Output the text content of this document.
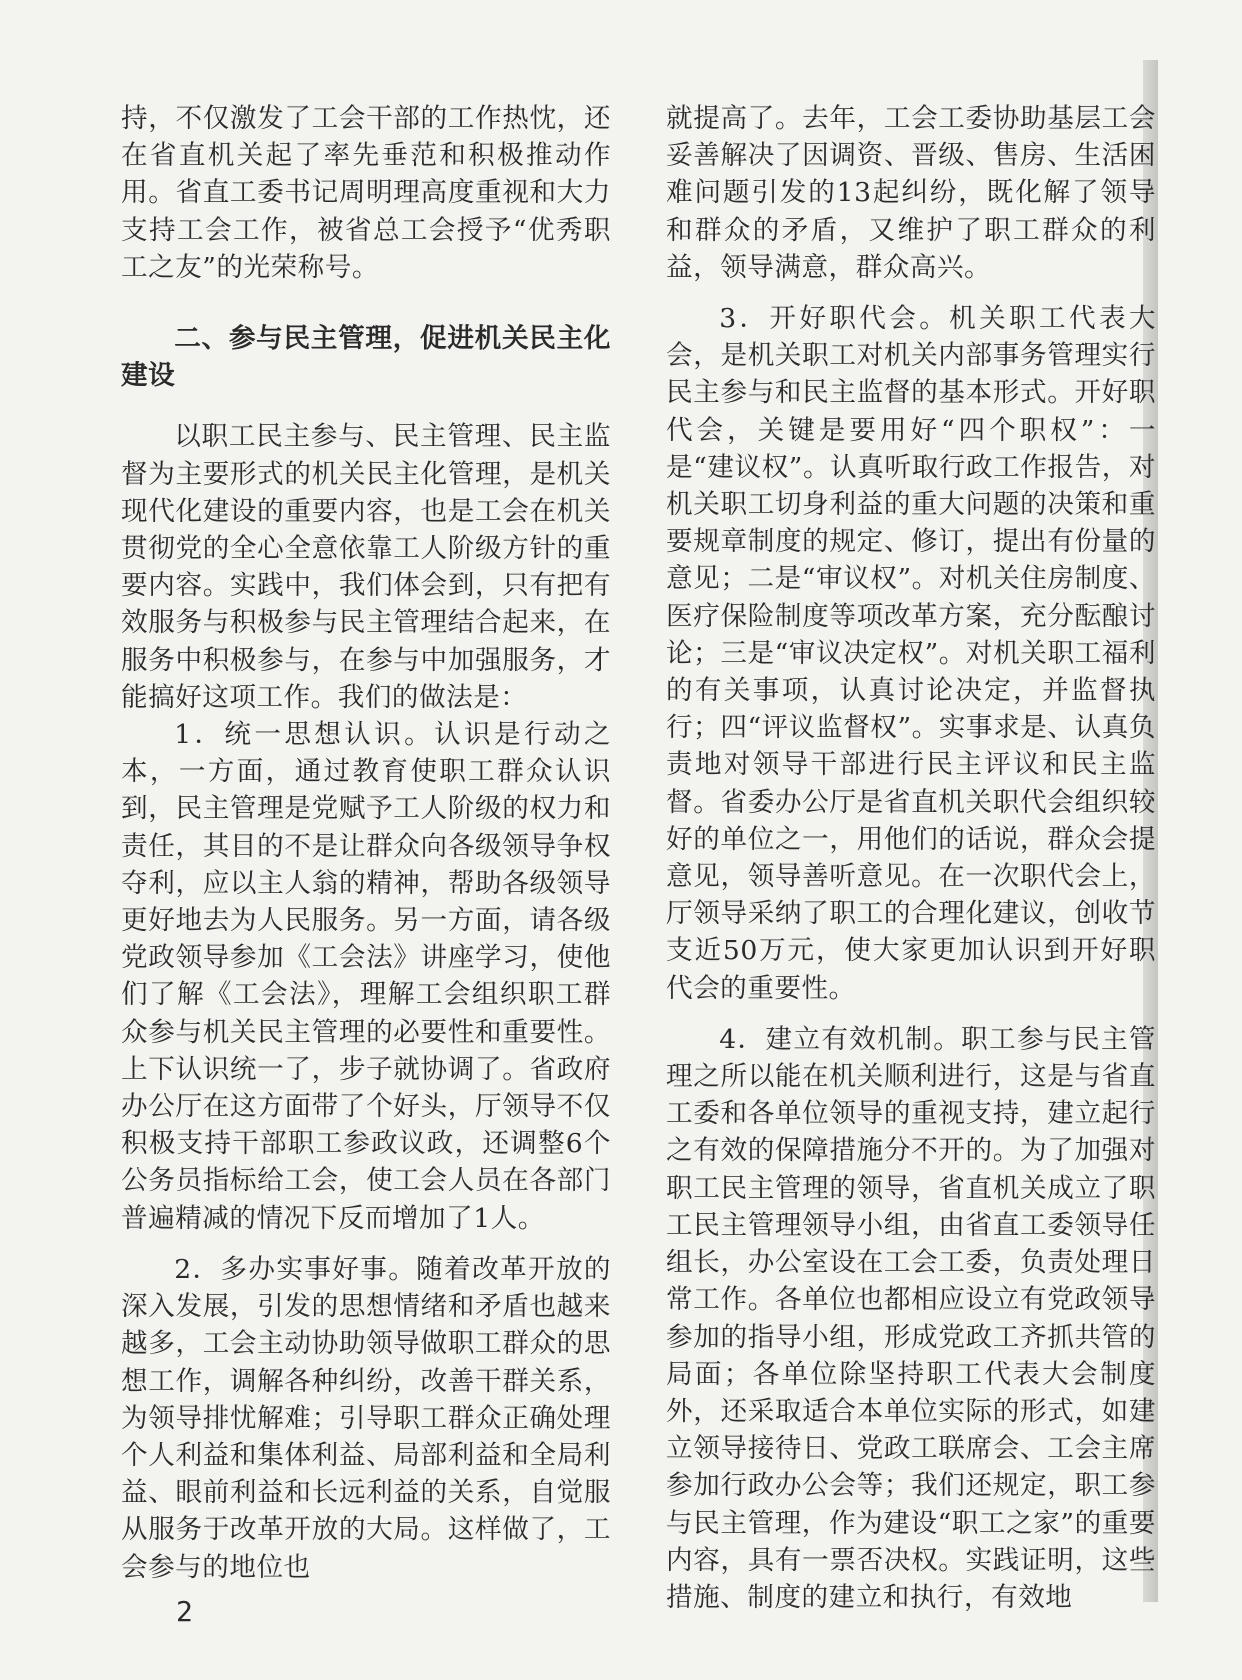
持，不仅激发了工会干部的工作热忱，还在省直机关起了率先垂范和积极推动作用。省直工委书记周明理高度重视和大力支持工会工作，被省总工会授予“优秀职工之友”的光荣称号。

二、参与民主管理，促进机关民主化建设

以职工民主参与、民主管理、民主监督为主要形式的机关民主化管理，是机关现代化建设的重要内容，也是工会在机关贯彻党的全心全意依靠工人阶级方针的重要内容。实践中，我们体会到，只有把有效服务与积极参与民主管理结合起来，在服务中积极参与，在参与中加强服务，才能搞好这项工作。我们的做法是：

1．统一思想认识。认识是行动之本，一方面，通过教育使职工群众认识到，民主管理是党赋予工人阶级的权力和责任，其目的不是让群众向各级领导争权夺利，应以主人翁的精神，帮助各级领导更好地去为人民服务。另一方面，请各级党政领导参加《工会法》讲座学习，使他们了解《工会法》，理解工会组织职工群众参与机关民主管理的必要性和重要性。上下认识统一了，步子就协调了。省政府办公厅在这方面带了个好头，厅领导不仅积极支持干部职工参政议政，还调整6个公务员指标给工会，使工会人员在各部门普遍精减的情况下反而增加了1人。

2．多办实事好事。随着改革开放的深入发展，引发的思想情绪和矛盾也越来越多，工会主动协助领导做职工群众的思想工作，调解各种纠纷，改善干群关系，为领导排忧解难；引导职工群众正确处理个人利益和集体利益、局部利益和全局利益、眼前利益和长远利益的关系，自觉服从服务于改革开放的大局。这样做了，工会参与的地位也

就提高了。去年，工会工委协助基层工会妥善解决了因调资、晋级、售房、生活困难问题引发的13起纠纷，既化解了领导和群众的矛盾，又维护了职工群众的利益，领导满意，群众高兴。

3．开好职代会。机关职工代表大会，是机关职工对机关内部事务管理实行民主参与和民主监督的基本形式。开好职代会，关键是要用好“四个职权”：一是“建议权”。认真听取行政工作报告，对机关职工切身利益的重大问题的决策和重要规章制度的规定、修订，提出有份量的意见；二是“审议权”。对机关住房制度、医疗保险制度等项改革方案，充分酝酿讨论；三是“审议决定权”。对机关职工福利的有关事项，认真讨论决定，并监督执行；四“评议监督权”。实事求是、认真负责地对领导干部进行民主评议和民主监督。省委办公厅是省直机关职代会组织较好的单位之一，用他们的话说，群众会提意见，领导善听意见。在一次职代会上，厅领导采纳了职工的合理化建议，创收节支近50万元，使大家更加认识到开好职代会的重要性。

4．建立有效机制。职工参与民主管理之所以能在机关顺利进行，这是与省直工委和各单位领导的重视支持，建立起行之有效的保障措施分不开的。为了加强对职工民主管理的领导，省直机关成立了职工民主管理领导小组，由省直工委领导任组长，办公室设在工会工委，负责处理日常工作。各单位也都相应设立有党政领导参加的指导小组，形成党政工齐抓共管的局面；各单位除坚持职工代表大会制度外，还采取适合本单位实际的形式，如建立领导接待日、党政工联席会、工会主席参加行政办公会等；我们还规定，职工参与民主管理，作为建设“职工之家”的重要内容，具有一票否决权。实践证明，这些措施、制度的建立和执行，有效地

2
